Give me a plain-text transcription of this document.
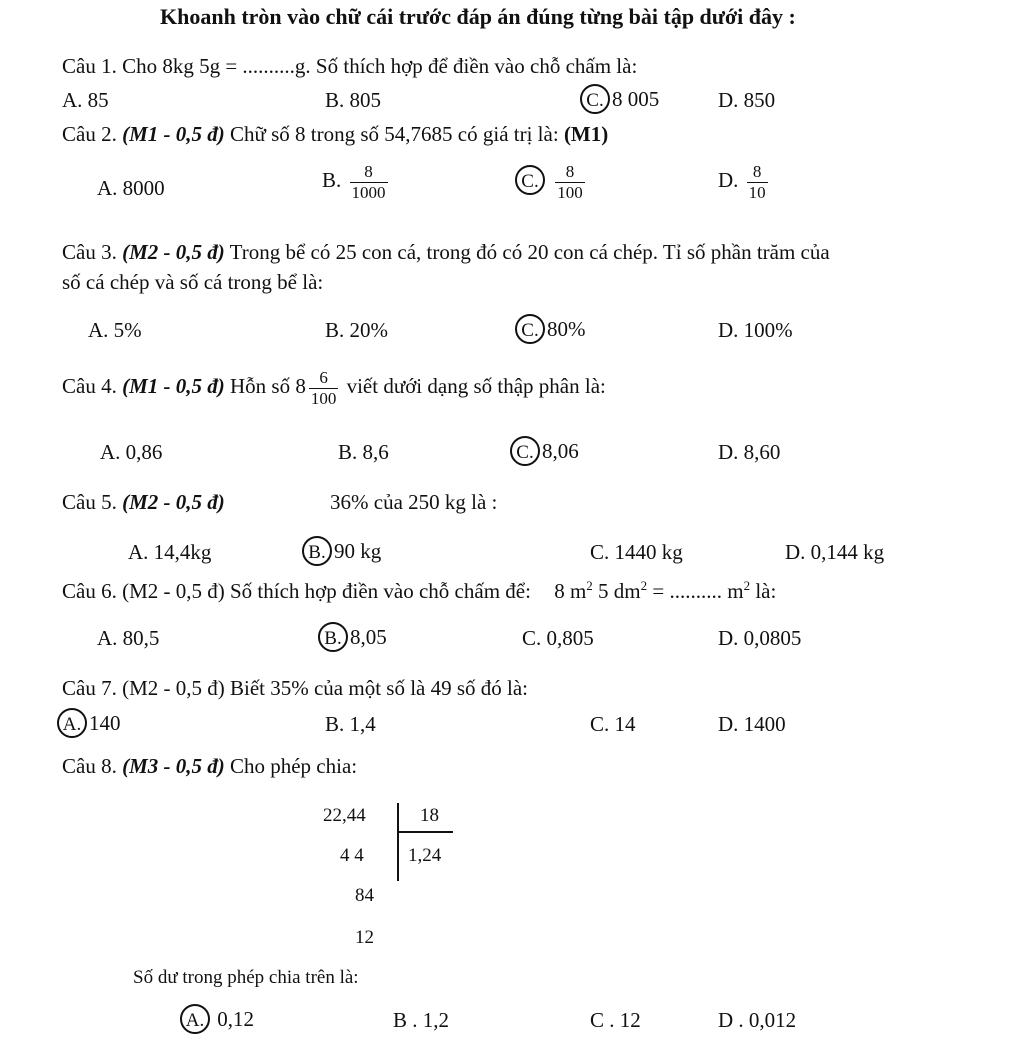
Khoanh tròn vào chữ cái trước đáp án đúng từng bài tập dưới đây :
Câu 1. Cho 8kg 5g = ..........g. Số thích hợp để điền vào chỗ chấm là:
A. 85	B. 805	C. 8 005	D. 850
Câu 2. (M1 - 0,5 đ) Chữ số 8 trong số 54,7685 có giá trị là: (M1)
A. 8000	B. $\frac{8}{1000}$	C. $\frac{8}{100}$	D. $\frac{8}{10}$
Câu 3. (M2 - 0,5 đ) Trong bể có 25 con cá, trong đó có 20 con cá chép. Tỉ số phần trăm của
số cá chép và số cá trong bể là:
A. 5%	B. 20%	C. 80%	D. 100%
Câu 4. (M1 - 0,5 đ) Hỗn số $8 \frac{6}{100}$ viết dưới dạng số thập phân là:
A. 0,86	B. 8,6	C. 8,06	D. 8,60
Câu 5. (M2 - 0,5 đ)	36% của 250 kg là :
A. 14,4kg	B. 90 kg	C. 1440 kg	D. 0,144 kg
Câu 6. (M2 - 0,5 đ) Số thích hợp điền vào chỗ chấm để: 8 $m^2$ 5 $dm^2$ = .......... $m^2$ là:
A. 80,5	B. 8,05	C. 0,805	D. 0,0805
Câu 7. (M2 - 0,5 đ) Biết 35% của một số là 49 số đó là:
A. 140	B. 1,4	C. 14	D. 1400
Câu 8. (M3 - 0,5 đ) Cho phép chia:
22,44	18
4 4 1,24
84
12
Số dư trong phép chia trên là:
A. 0,12	B . 1,2	C . 12	D . 0,012
